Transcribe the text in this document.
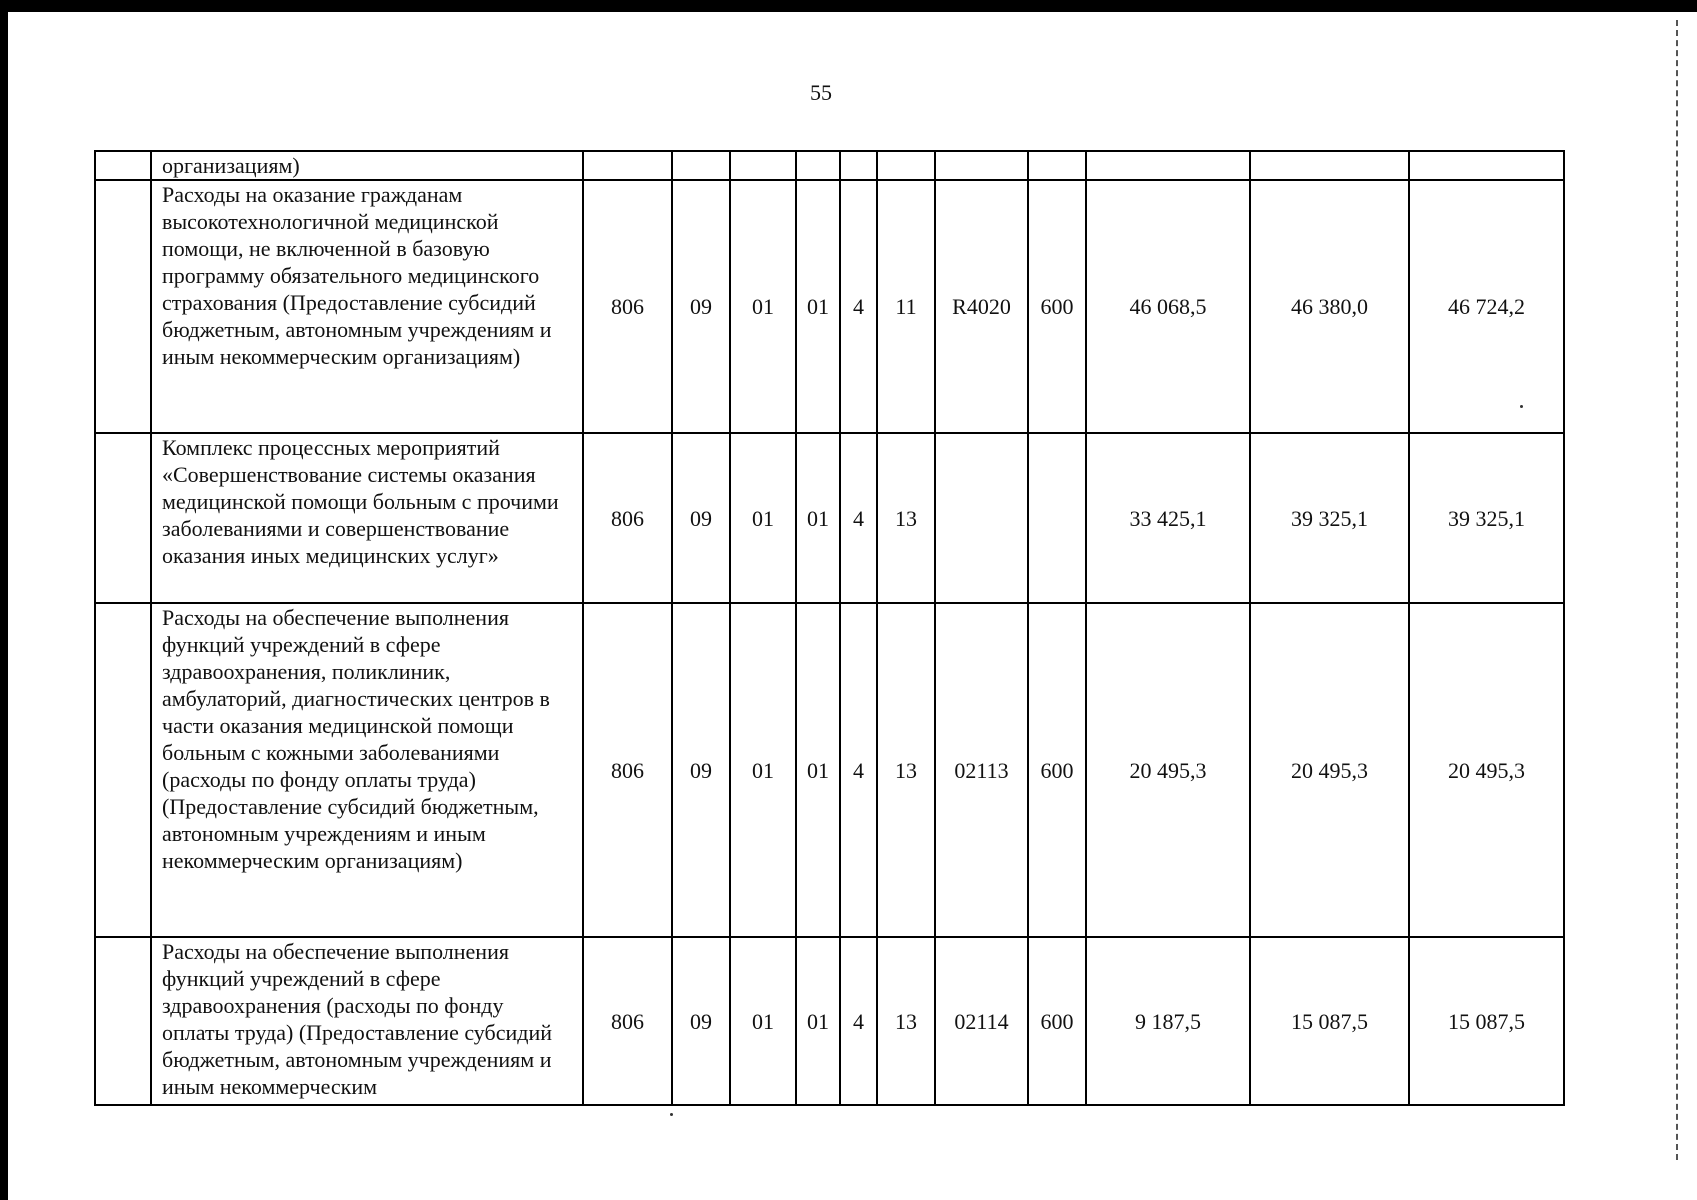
55
	организациям)											
	Расходы на оказание гражданам высокотехнологичной медицинской помощи, не включенной в базовую программу обязательного медицинского страхования (Предоставление субсидий бюджетным, автономным учреждениям и иным некоммерческим организациям)	806	09	01	01	4	11	R4020	600	46 068,5	46 380,0	46 724,2
	Комплекс процессных мероприятий «Совершенствование системы оказания медицинской помощи больным с прочими заболеваниями и совершенствование оказания иных медицинских услуг»	806	09	01	01	4	13			33 425,1	39 325,1	39 325,1
	Расходы на обеспечение выполнения функций учреждений в сфере здравоохранения, поликлиник, амбулаторий, диагностических центров в части оказания медицинской помощи больным с кожными заболеваниями (расходы по фонду оплаты труда) (Предоставление субсидий бюджетным, автономным учреждениям и иным некоммерческим организациям)	806	09	01	01	4	13	02113	600	20 495,3	20 495,3	20 495,3
	Расходы на обеспечение выполнения функций учреждений в сфере здравоохранения (расходы по фонду оплаты труда) (Предоставление субсидий бюджетным, автономным учреждениям и иным некоммерческим	806	09	01	01	4	13	02114	600	9 187,5	15 087,5	15 087,5
